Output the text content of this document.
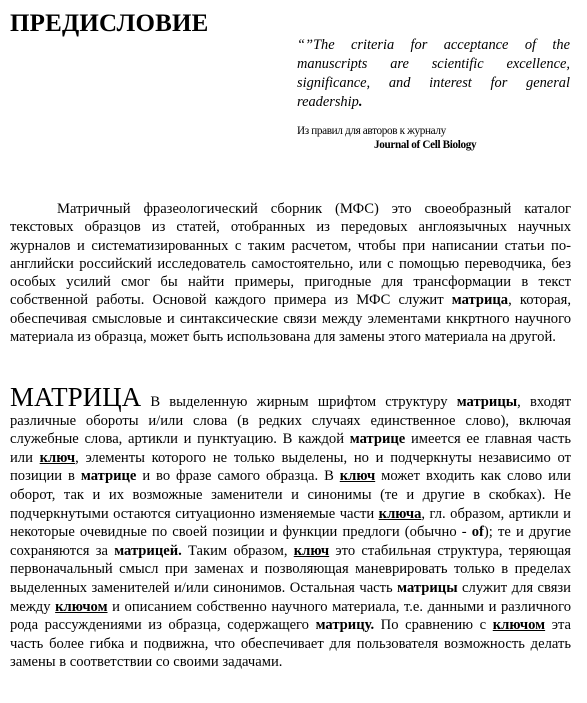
ПРЕДИСЛОВИЕ

“”The criteria for acceptance of the manuscripts are scientific excellence, significance, and interest for general readership.

Из правил для авторов к журналу
Journal of Cell Biology

Матричный фразеологический сборник (МФС) это своеобразный каталог текстовых образцов из статей, отобранных из передовых англоязычных научных журналов и систематизированных с таким расчетом, чтобы при написании статьи по-английски российский исследователь самостоятельно, или с помощью переводчика, без особых усилий смог бы найти примеры, пригодные для трансформации в текст собственной работы. Основой каждого примера из МФС служит матрица, которая, обеспечивая смысловые и синтаксические связи между элементами кнкртного научного материала из образца, может быть использована для замены этого материала на другой.

МАТРИЦА В выделенную жирным шрифтом структуру матрицы, входят различные обороты и/или слова (в редких случаях единственное слово), включая служебные слова, артикли и пунктуацию. В каждой матрице имеется ее главная часть или ключ, элементы которого не только выделены, но и подчеркнуты независимо от позиции в матрице и во фразе самого образца. В ключ может входить как слово или оборот, так и их возможные заменители и синонимы (те и другие в скобках). Не подчеркнутыми остаются ситуационно изменяемые части ключа, гл. образом, артикли и некоторые очевидные по своей позиции и функции предлоги (обычно - of); те и другие сохраняются за матрицей. Таким образом, ключ это стабильная структура, теряющая первоначальный смысл при заменах и позволяющая маневрировать только в пределах выделенных заменителей и/или синонимов. Остальная часть матрицы служит для связи между ключом и описанием собственно научного материала, т.е. данными и различного рода рассуждениями из образца, содержащего матрицу. По сравнению с ключом эта часть более гибка и подвижна, что обеспечивает для пользователя возможность делать замены в соответствии со своими задачами.
